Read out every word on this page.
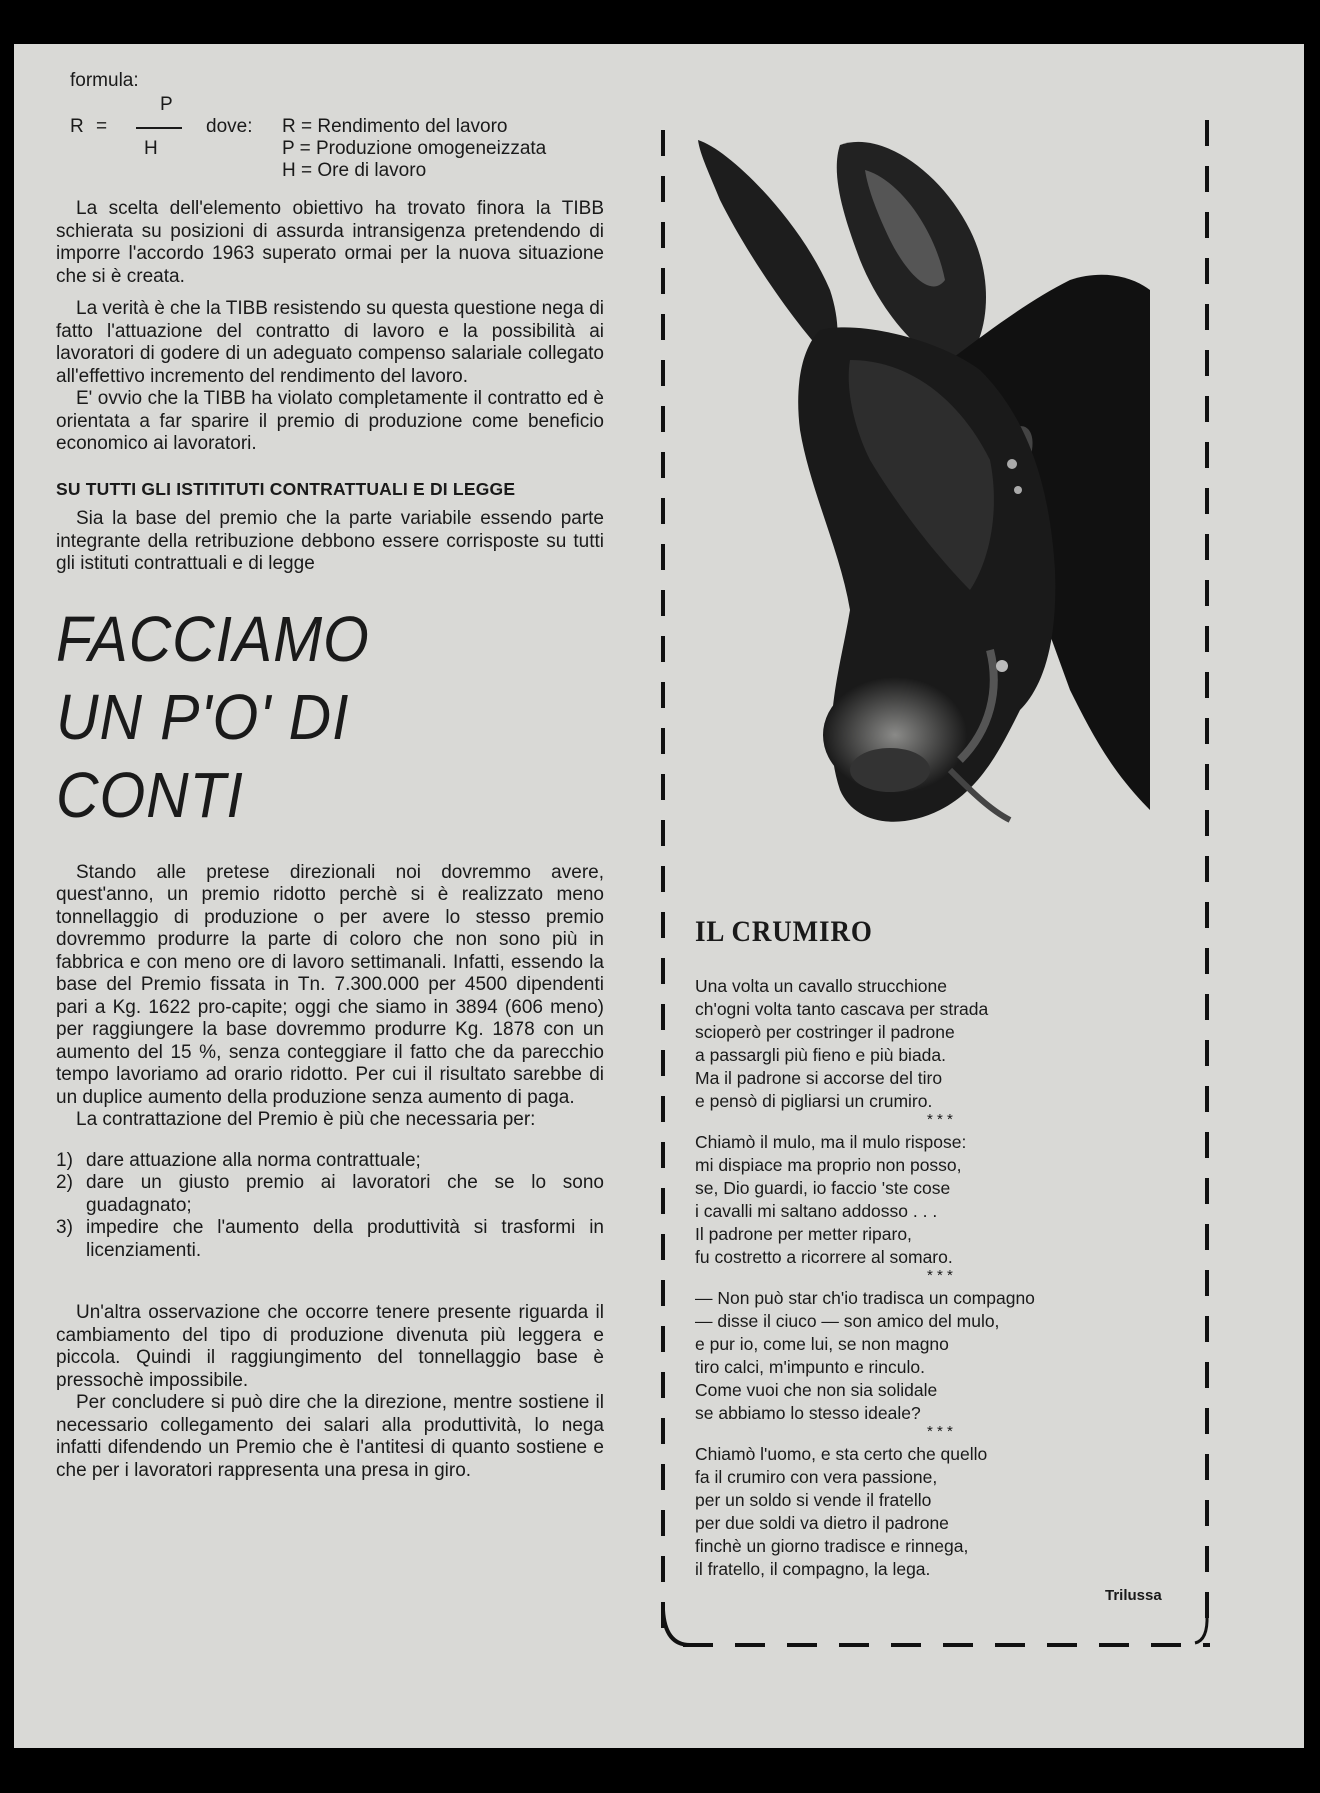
formula:
P
R =
H
dove: R = Rendimento del lavoro
P = Produzione omogeneizzata
H = Ore di lavoro

La scelta dell'elemento obiettivo ha trovato finora la TIBB schierata su posizioni di assurda intransigenza pretendendo di imporre l'accordo 1963 superato ormai per la nuova situazione che si è creata.

La verità è che la TIBB resistendo su questa questione nega di fatto l'attuazione del contratto di lavoro e la possibilità ai lavoratori di godere di un adeguato compenso salariale collegato all'effettivo incremento del rendimento del lavoro.

E' ovvio che la TIBB ha violato completamente il contratto ed è orientata a far sparire il premio di produzione come beneficio economico ai lavoratori.

SU TUTTI GLI ISTITITUTI CONTRATTUALI E DI LEGGE

Sia la base del premio che la parte variabile essendo parte integrante della retribuzione debbono essere corrisposte su tutti gli istituti contrattuali e di legge

FACCIAMO
UN P'O' DI
CONTI

Stando alle pretese direzionali noi dovremmo avere, quest'anno, un premio ridotto perchè si è realizzato meno tonnellaggio di produzione o per avere lo stesso premio dovremmo produrre la parte di coloro che non sono più in fabbrica e con meno ore di lavoro settimanali. Infatti, essendo la base del Premio fissata in Tn. 7.300.000 per 4500 dipendenti pari a Kg. 1622 pro-capite; oggi che siamo in 3894 (606 meno) per raggiungere la base dovremmo produrre Kg. 1878 con un aumento del 15 %, senza conteggiare il fatto che da parecchio tempo lavoriamo ad orario ridotto. Per cui il risultato sarebbe di un duplice aumento della produzione senza aumento di paga.

La contrattazione del Premio è più che necessaria per:

1) dare attuazione alla norma contrattuale;
2) dare un giusto premio ai lavoratori che se lo sono guadagnato;
3) impedire che l'aumento della produttività si trasformi in licenziamenti.

Un'altra osservazione che occorre tenere presente riguarda il cambiamento del tipo di produzione divenuta più leggera e piccola. Quindi il raggiungimento del tonnellaggio base è pressochè impossibile.

Per concludere si può dire che la direzione, mentre sostiene il necessario collegamento dei salari alla produttività, lo nega infatti difendendo un Premio che è l'antitesi di quanto sostiene e che per i lavoratori rappresenta una presa in giro.

IL CRUMIRO
Una volta un cavallo strucchione
ch'ogni volta tanto cascava per strada
scioperò per costringer il padrone
a passargli più fieno e più biada.
Ma il padrone si accorse del tiro
e pensò di pigliarsi un crumiro.
* * *
Chiamò il mulo, ma il mulo rispose:
mi dispiace ma proprio non posso,
se, Dio guardi, io faccio 'ste cose
i cavalli mi saltano addosso . . .
Il padrone per metter riparo,
fu costretto a ricorrere al somaro.
* * *
— Non può star ch'io tradisca un compagno
— disse il ciuco — son amico del mulo,
e pur io, come lui, se non magno
tiro calci, m'impunto e rinculo.
Come vuoi che non sia solidale
se abbiamo lo stesso ideale?
* * *
Chiamò l'uomo, e sta certo che quello
fa il crumiro con vera passione,
per un soldo si vende il fratello
per due soldi va dietro il padrone
finchè un giorno tradisce e rinnega,
il fratello, il compagno, la lega.
Trilussa
